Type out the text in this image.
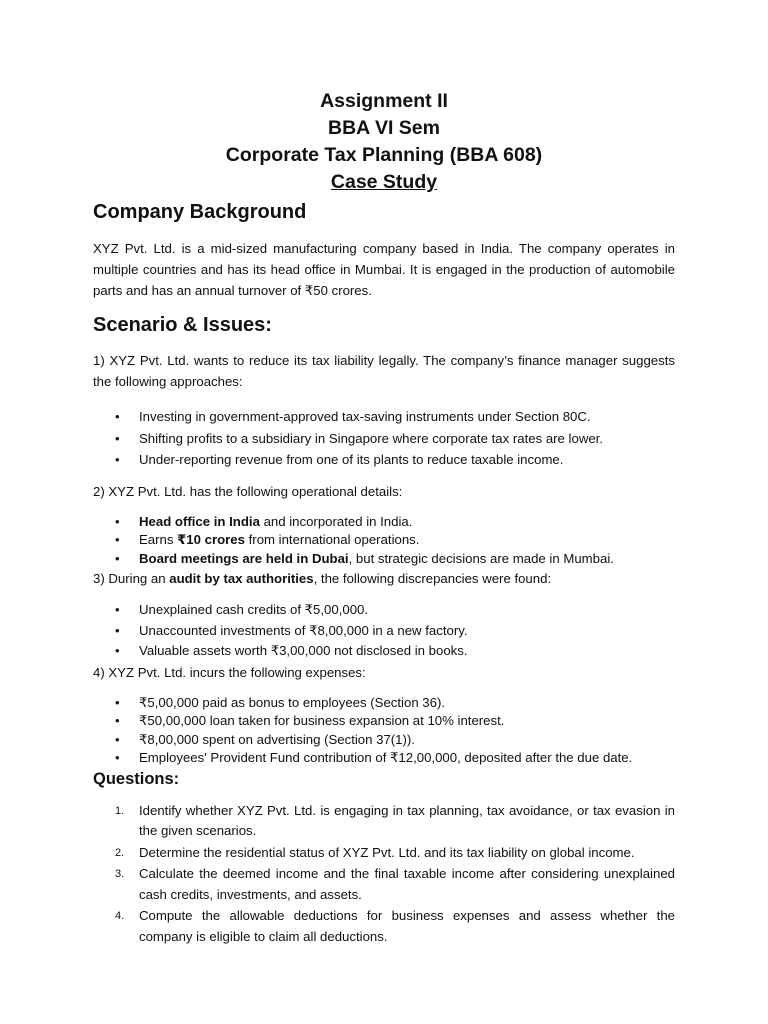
Assignment II
BBA VI Sem
Corporate Tax Planning (BBA 608)
Case Study
Company Background

XYZ Pvt. Ltd. is a mid-sized manufacturing company based in India. The company operates in multiple countries and has its head office in Mumbai. It is engaged in the production of automobile parts and has an annual turnover of ₹50 crores.

Scenario & Issues:

1) XYZ Pvt. Ltd. wants to reduce its tax liability legally. The company’s finance manager suggests the following approaches:

• Investing in government-approved tax-saving instruments under Section 80C.
• Shifting profits to a subsidiary in Singapore where corporate tax rates are lower.
• Under-reporting revenue from one of its plants to reduce taxable income.

2) XYZ Pvt. Ltd. has the following operational details:

• Head office in India and incorporated in India.
• Earns ₹10 crores from international operations.
• Board meetings are held in Dubai, but strategic decisions are made in Mumbai.

3) During an audit by tax authorities, the following discrepancies were found:

• Unexplained cash credits of ₹5,00,000.
• Unaccounted investments of ₹8,00,000 in a new factory.
• Valuable assets worth ₹3,00,000 not disclosed in books.

4) XYZ Pvt. Ltd. incurs the following expenses:

• ₹5,00,000 paid as bonus to employees (Section 36).
• ₹50,00,000 loan taken for business expansion at 10% interest.
• ₹8,00,000 spent on advertising (Section 37(1)).
• Employees' Provident Fund contribution of ₹12,00,000, deposited after the due date.
Questions:
1. Identify whether XYZ Pvt. Ltd. is engaging in tax planning, tax avoidance, or tax evasion in the given scenarios.
2. Determine the residential status of XYZ Pvt. Ltd. and its tax liability on global income.
3. Calculate the deemed income and the final taxable income after considering unexplained cash credits, investments, and assets.
4. Compute the allowable deductions for business expenses and assess whether the company is eligible to claim all deductions.
